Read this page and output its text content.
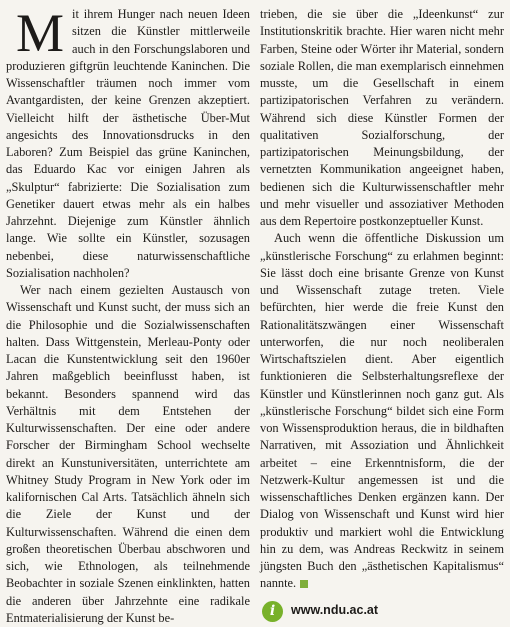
Mit ihrem Hunger nach neuen Ideen sitzen die Künstler mittlerweile auch in den Forschungslaboren und produzieren giftgrün leuchtende Kaninchen. Die Wissenschaftler träumen noch immer vom Avantgardisten, der keine Grenzen akzeptiert. Vielleicht hilft der ästhetische Über-Mut angesichts des Innovationsdrucks in den Laboren? Zum Beispiel das grüne Kaninchen, das Eduardo Kac vor einigen Jahren als „Skulptur“ fabrizierte: Die Sozialisation zum Genetiker dauert etwas mehr als ein halbes Jahrzehnt. Diejenige zum Künstler ähnlich lange. Wie sollte ein Künstler, sozusagen nebenbei, diese naturwissenschaftliche Sozialisation nachholen?

Wer nach einem gezielten Austausch von Wissenschaft und Kunst sucht, der muss sich an die Philosophie und die Sozialwissenschaften halten. Dass Wittgenstein, Merleau-Ponty oder Lacan die Kunstentwicklung seit den 1960er Jahren maßgeblich beeinflusst haben, ist bekannt. Besonders spannend wird das Verhältnis mit dem Entstehen der Kulturwissenschaften. Der eine oder andere Forscher der Birmingham School wechselte direkt an Kunstuniversitäten, unterrichtete am Whitney Study Program in New York oder im kalifornischen Cal Arts. Tatsächlich ähneln sich die Ziele der Kunst und der Kulturwissenschaften. Während die einen dem großen theoretischen Überbau abschworen und sich, wie Ethnologen, als teilnehmende Beobachter in soziale Szenen einklinkten, hatten die anderen über Jahrzehnte eine radikale Entmaterialisierung der Kunst be-

trieben, die sie über die „Ideenkunst“ zur Institutionskritik brachte. Hier waren nicht mehr Farben, Steine oder Wörter ihr Material, sondern soziale Rollen, die man exemplarisch einnehmen musste, um die Gesellschaft in einem partizipatorischen Verfahren zu verändern. Während sich diese Künstler Formen der qualitativen Sozialforschung, der partizipatorischen Meinungsbildung, der vernetzten Kommunikation angeeignet haben, bedienen sich die Kulturwissenschaftler mehr und mehr visueller und assoziativer Methoden aus dem Repertoire postkonzeptueller Kunst.

Auch wenn die öffentliche Diskussion um „künstlerische Forschung“ zu erlahmen beginnt: Sie lässt doch eine brisante Grenze von Kunst und Wissenschaft zutage treten. Viele befürchten, hier werde die freie Kunst den Rationalitätszwängen einer Wissenschaft unterworfen, die nur noch neoliberalen Wirtschaftszielen dient. Aber eigentlich funktionieren die Selbsterhaltungsreflexe der Künstler und Künstlerinnen noch ganz gut. Als „künstlerische Forschung“ bildet sich eine Form von Wissensproduktion heraus, die in bildhaften Narrativen, mit Assoziation und Ähnlichkeit arbeitet – eine Erkenntnisform, die der Netzwerk-Kultur angemessen ist und die wissenschaftliches Denken ergänzen kann. Der Dialog von Wissenschaft und Kunst wird hier produktiv und markiert wohl die Entwicklung hin zu dem, was Andreas Reckwitz in seinem jüngsten Buch den „ästhetischen Kapitalismus“ nannte.

i	www.ndu.ac.at
